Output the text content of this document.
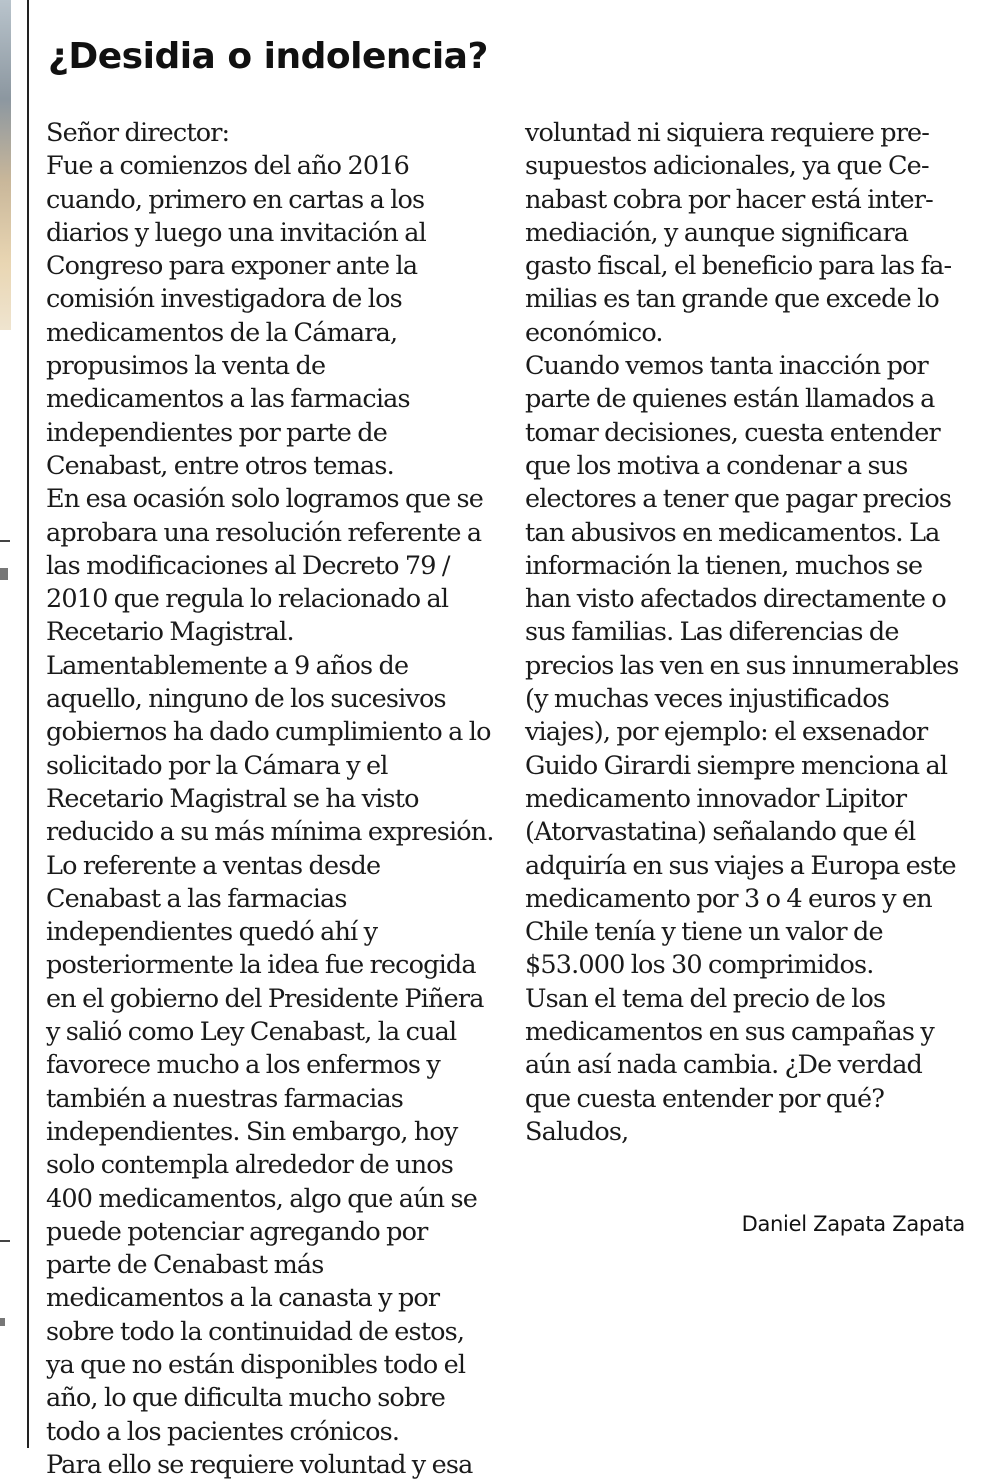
¿Desidia o indolencia?

Señor director:

Fue a comienzos del año 2016 cuando, primero en cartas a los diarios y luego una invitación al Congreso para exponer ante la comisión investigadora de los medicamentos de la Cámara, propusimos la venta de medicamentos a las farmacias independientes por parte de Cenabast, entre otros temas.

En esa ocasión solo logramos que se aprobara una resolución referente a las modificaciones al Decreto 79 / 2010 que regula lo relacionado al Recetario Magistral. Lamentablemente a 9 años de aquello, ninguno de los sucesivos gobiernos ha dado cumplimiento a lo solicitado por la Cámara y el Recetario Magistral se ha visto reducido a su más mínima expresión.

Lo referente a ventas desde Cenabast a las farmacias independientes quedó ahí y posteriormente la idea fue recogida en el gobierno del Presidente Piñera y salió como Ley Cenabast, la cual favorece mucho a los enfermos y también a nuestras farmacias independientes. Sin embargo, hoy solo contempla alrededor de unos 400 medicamentos, algo que aún se puede potenciar agregando por parte de Cenabast más medicamentos a la canasta y por sobre todo la continuidad de estos, ya que no están disponibles todo el año, lo que dificulta mucho sobre todo a los pacientes crónicos.

Para ello se requiere voluntad y esa

voluntad ni siquiera requiere presupuestos adicionales, ya que Cenabast cobra por hacer está intermediación, y aunque significara gasto fiscal, el beneficio para las familias es tan grande que excede lo económico.

Cuando vemos tanta inacción por parte de quienes están llamados a tomar decisiones, cuesta entender que los motiva a condenar a sus electores a tener que pagar precios tan abusivos en medicamentos. La información la tienen, muchos se han visto afectados directamente o sus familias. Las diferencias de precios las ven en sus innumerables (y muchas veces injustificados viajes), por ejemplo: el exsenador Guido Girardi siempre menciona al medicamento innovador Lipitor (Atorvastatina) señalando que él adquiría en sus viajes a Europa este medicamento por 3 o 4 euros y en Chile tenía y tiene un valor de $53.000 los 30 comprimidos.

Usan el tema del precio de los medicamentos en sus campañas y aún así nada cambia. ¿De verdad que cuesta entender por qué?

Saludos,

Daniel Zapata Zapata
